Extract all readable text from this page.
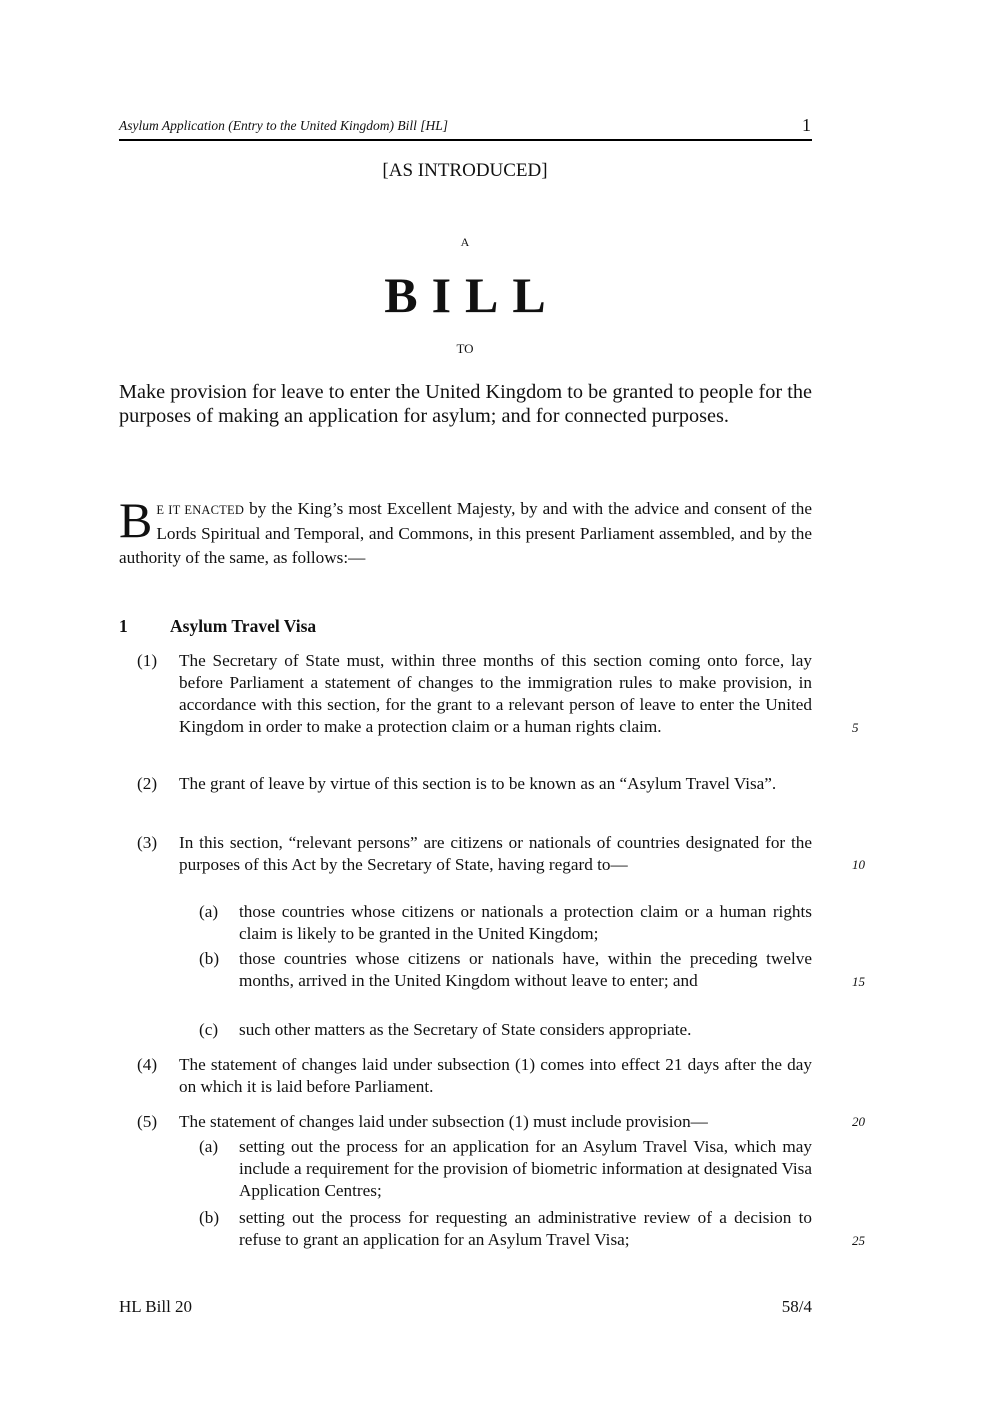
Asylum Application (Entry to the United Kingdom) Bill [HL]	1
[AS INTRODUCED]
A
BILL
TO
Make provision for leave to enter the United Kingdom to be granted to people for the purposes of making an application for asylum; and for connected purposes.
B E IT ENACTED by the King’s most Excellent Majesty, by and with the advice and consent of the Lords Spiritual and Temporal, and Commons, in this present Parliament assembled, and by the authority of the same, as follows:—
1 Asylum Travel Visa
(1) The Secretary of State must, within three months of this section coming onto force, lay before Parliament a statement of changes to the immigration rules to make provision, in accordance with this section, for the grant to a relevant person of leave to enter the United Kingdom in order to make a protection claim or a human rights claim.
(2) The grant of leave by virtue of this section is to be known as an “Asylum Travel Visa”.
(3) In this section, “relevant persons” are citizens or nationals of countries designated for the purposes of this Act by the Secretary of State, having regard to—
(a) those countries whose citizens or nationals a protection claim or a human rights claim is likely to be granted in the United Kingdom;
(b) those countries whose citizens or nationals have, within the preceding twelve months, arrived in the United Kingdom without leave to enter; and
(c) such other matters as the Secretary of State considers appropriate.
(4) The statement of changes laid under subsection (1) comes into effect 21 days after the day on which it is laid before Parliament.
(5) The statement of changes laid under subsection (1) must include provision—
(a) setting out the process for an application for an Asylum Travel Visa, which may include a requirement for the provision of biometric information at designated Visa Application Centres;
(b) setting out the process for requesting an administrative review of a decision to refuse to grant an application for an Asylum Travel Visa;
5
10
15
20
25
HL Bill 20	58/4
